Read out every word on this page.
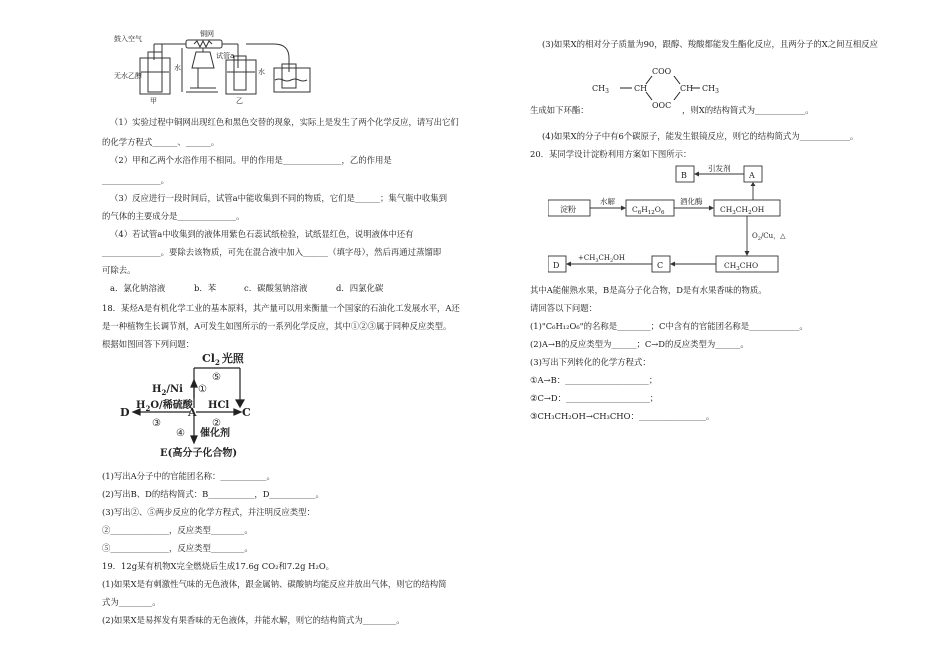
鼓入空气
铜网
无水乙醇
水	水
试管a
甲	乙
（1）实验过程中铜网出现红色和黑色交替的现象，实际上是发生了两个化学反应，请写出它们
的化学方程式______、______。
（2）甲和乙两个水浴作用不相同。甲的作用是______________，乙的作用是
______________。
（3）反应进行一段时间后，试管a中能收集到不同的物质，它们是______；集气瓶中收集到
的气体的主要成分是______________。
（4）若试管a中收集到的液体用紫色石蕊试纸检验，试纸显红色，说明液体中还有
______________。要除去该物质，可先在混合液中加入______（填字母），然后再通过蒸馏即
可除去。
a．氯化钠溶液	b．苯	c．碳酸氢钠溶液	d．四氯化碳
18．某烃A是有机化学工业的基本原料，其产量可以用来衡量一个国家的石油化工发展水平，A还
是一种植物生长调节剂，A可发生如图所示的一系列化学反应，其中①②③属于同种反应类型。
根据如图回答下列问题：
$Cl_2$ 光照
⑤
$H_2/Ni$ ①
D	A	C
$H_2O/$稀硫酸
③
HCl
②
④ 催化剂
E(高分子化合物)
(1)写出A分子中的官能团名称：___________。
(2)写出B、D的结构简式：B___________，D___________。
(3)写出②、⑤两步反应的化学方程式，并注明反应类型：
②______________，反应类型________。
⑤______________，反应类型________。
19．12g某有机物X完全燃烧后生成17.6g CO₂和7.2g H₂O。
(1)如果X是有刺激性气味的无色液体，跟金属钠、碳酸钠均能反应并放出气体，则它的结构简
式为________。
(2)如果X是易挥发有果香味的无色液体，并能水解，则它的结构简式为________。
(3)如果X的相对分子质量为90，跟醇、羧酸都能发生酯化反应，且两分子的X之间互相反应
$CH_3$	CH
COO
OOC
CH $CH_3$
生成如下环酯：	，则X的结构简式为____________。
(4)如果X的分子中有6个碳原子，能发生银镜反应，则它的结构简式为____________。
20．某同学设计淀粉利用方案如下图所示：
B	A
引发剂
淀粉
水解
$C_6H_{12}O_6$
酒化酶
$CH_3CH_2OH$
$O_2/Cu$，△
$CH_3CHO$
C
D
$+CH_3CH_2OH$
其中A能催熟水果，B是高分子化合物，D是有水果香味的物质。
请回答以下问题：
(1)"C₆H₁₂O₆"的名称是________；C中含有的官能团名称是____________。
(2)A→B的反应类型为______；C→D的反应类型为______。
(3)写出下列转化的化学方程式：
①A→B：____________________；
②C→D：____________________；
③CH₃CH₂OH→CH₃CHO：________________。
